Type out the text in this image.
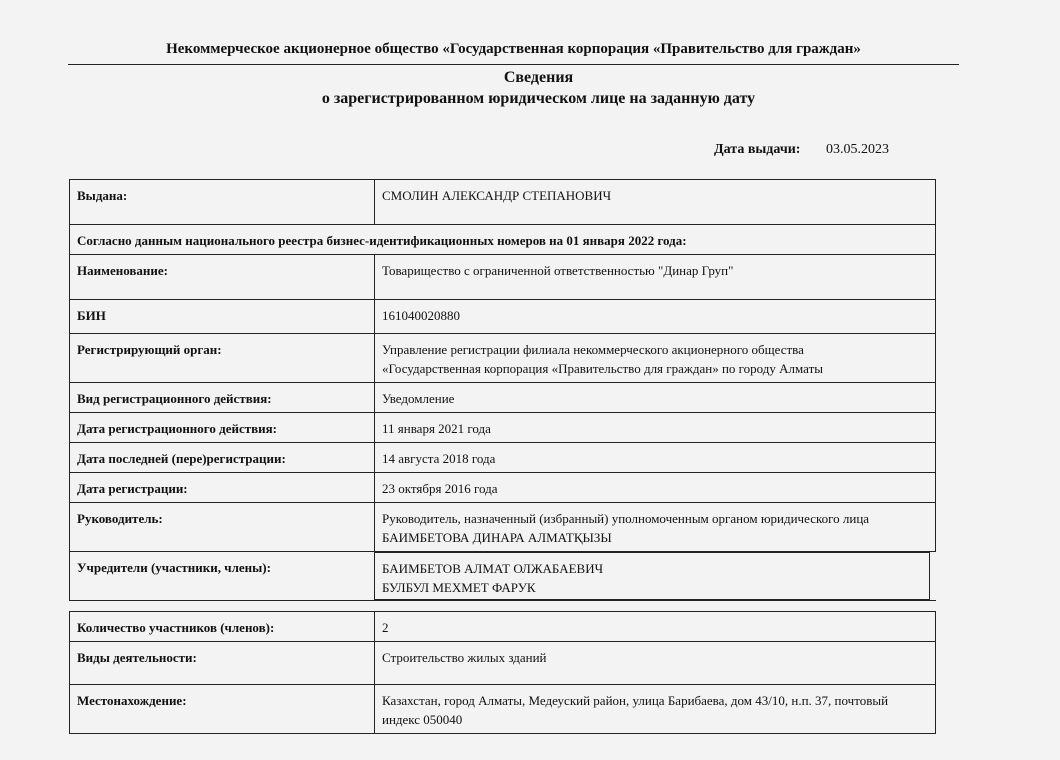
Некоммерческое акционерное общество «Государственная корпорация «Правительство для граждан»
Сведения
о зарегистрированном юридическом лице на заданную дату
Дата выдачи: 03.05.2023
Выдана:	СМОЛИН АЛЕКСАНДР СТЕПАНОВИЧ
Согласно данным национального реестра бизнес-идентификационных номеров на 01 января 2022 года:	
Наименование:	Товарищество с ограниченной ответственностью "Динар Груп"
БИН	161040020880
Регистрирующий орган:	Управление регистрации филиала некоммерческого акционерного общества
«Государственная корпорация «Правительство для граждан» по городу Алматы

Вид регистрационного действия:	Уведомление
Дата регистрационного действия:	11 января 2021 года
Дата последней (пере)регистрации:	14 августа 2018 года
Дата регистрации:	23 октября 2016 года
Руководитель:	Руководитель, назначенный (избранный) уполномоченным органом юридического лица
БАИМБЕТОВА ДИНАРА АЛМАТҚЫЗЫ

Учредители (участники, члены):	БАИМБЕТОВ АЛМАТ ОЛЖАБАЕВИЧ
БУЛБУЛ МЕХМЕТ ФАРУК

Количество участников (членов):	2
Виды деятельности:	Строительство жилых зданий
Местонахождение:	Казахстан, город Алматы, Медеуский район, улица Барибаева, дом 43/10, н.п. 37, почтовый
индекс 050040
